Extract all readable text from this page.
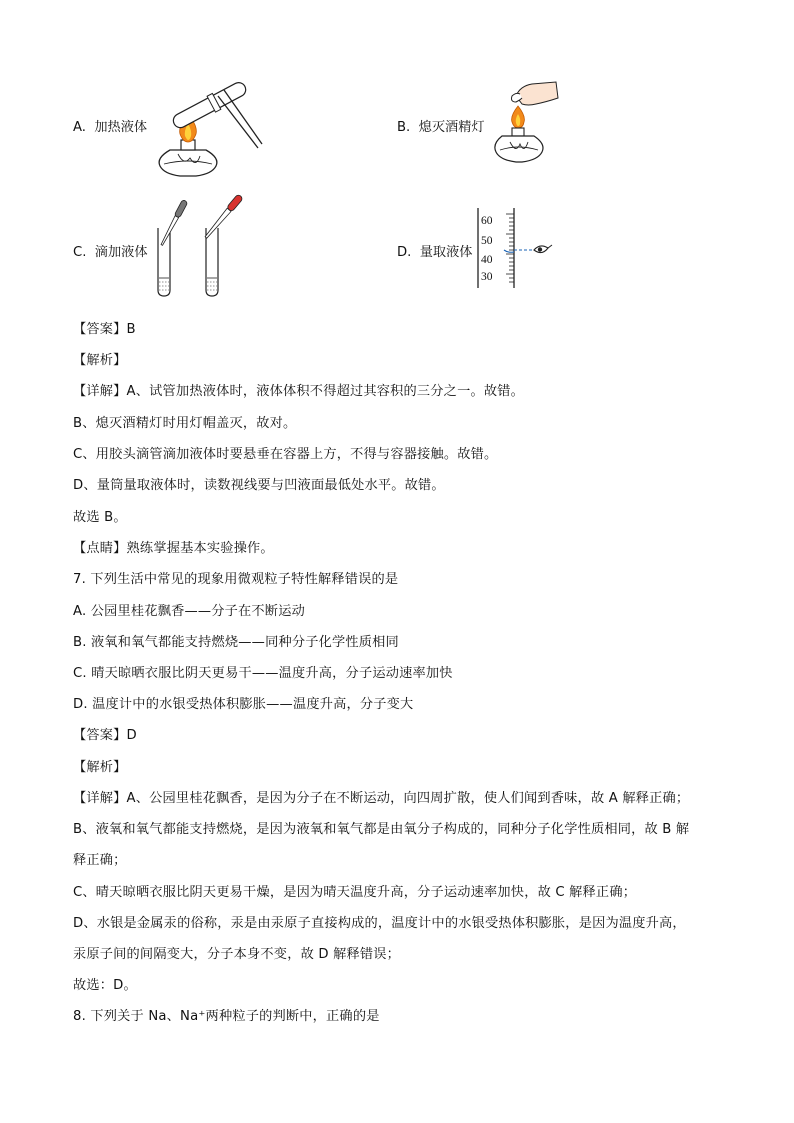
A. 加热液体	B. 熄灭酒精灯
C. 滴加液体	D. 量取液体
60
50
40
30
【答案】B
【解析】
【详解】A、试管加热液体时，液体体积不得超过其容积的三分之一。故错。
B、熄灭酒精灯时用灯帽盖灭，故对。
C、用胶头滴管滴加液体时要悬垂在容器上方，不得与容器接触。故错。
D、量筒量取液体时，读数视线要与凹液面最低处水平。故错。
故选 B。
【点睛】熟练掌握基本实验操作。
7. 下列生活中常见的现象用微观粒子特性解释错误的是
A. 公园里桂花飘香——分子在不断运动
B. 液氧和氧气都能支持燃烧——同种分子化学性质相同
C. 晴天晾晒衣服比阴天更易干——温度升高，分子运动速率加快
D. 温度计中的水银受热体积膨胀——温度升高，分子变大
【答案】D
【解析】
【详解】A、公园里桂花飘香，是因为分子在不断运动，向四周扩散，使人们闻到香味，故 A 解释正确；
B、液氧和氧气都能支持燃烧，是因为液氧和氧气都是由氧分子构成的，同种分子化学性质相同，故 B 解
释正确；
C、晴天晾晒衣服比阴天更易干燥，是因为晴天温度升高，分子运动速率加快，故 C 解释正确；
D、水银是金属汞的俗称，汞是由汞原子直接构成的，温度计中的水银受热体积膨胀，是因为温度升高，
汞原子间的间隔变大，分子本身不变，故 D 解释错误；
故选：D。
8. 下列关于 Na、Na⁺两种粒子的判断中，正确的是
